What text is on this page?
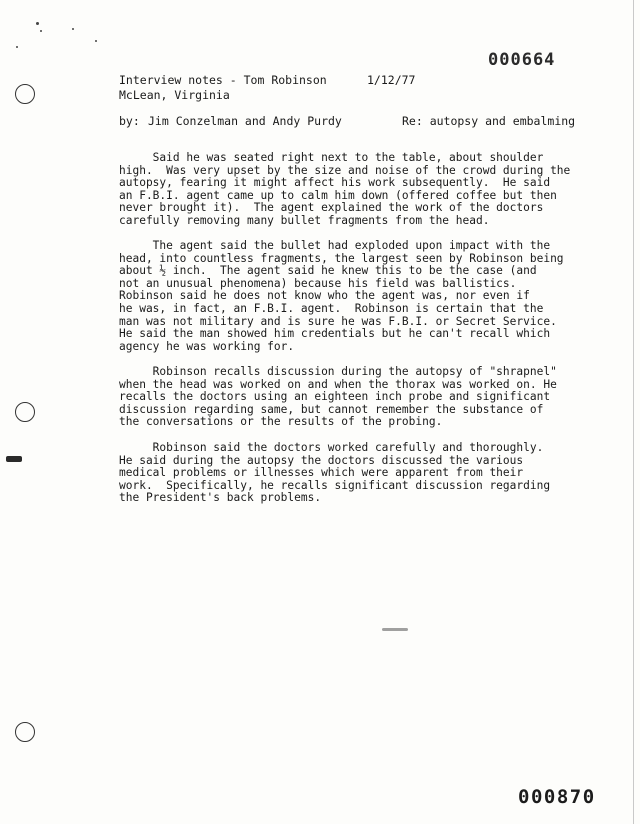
000664
000870
Interview notes - Tom Robinson	1/12/77
McLean, Virginia
by: Jim Conzelman and Andy Purdy	Re: autopsy and embalming
Said he was seated right next to the table, about shoulder
high.  Was very upset by the size and noise of the crowd during the
autopsy, fearing it might affect his work subsequently.  He said
an F.B.I. agent came up to calm him down (offered coffee but then
never brought it).  The agent explained the work of the doctors
carefully removing many bullet fragments from the head.
The agent said the bullet had exploded upon impact with the
head, into countless fragments, the largest seen by Robinson being
about ½ inch.  The agent said he knew this to be the case (and
not an unusual phenomena) because his field was ballistics.
Robinson said he does not know who the agent was, nor even if
he was, in fact, an F.B.I. agent.  Robinson is certain that the
man was not military and is sure he was F.B.I. or Secret Service.
He said the man showed him credentials but he can't recall which
agency he was working for.
Robinson recalls discussion during the autopsy of "shrapnel"
when the head was worked on and when the thorax was worked on. He
recalls the doctors using an eighteen inch probe and significant
discussion regarding same, but cannot remember the substance of
the conversations or the results of the probing.
Robinson said the doctors worked carefully and thoroughly.
He said during the autopsy the doctors discussed the various
medical problems or illnesses which were apparent from their
work.  Specifically, he recalls significant discussion regarding
the President's back problems.
